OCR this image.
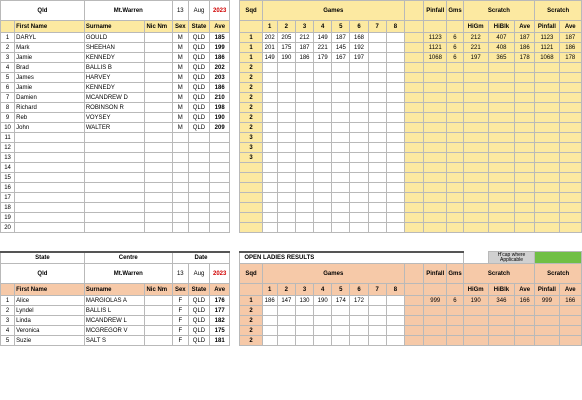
Qld		Mt.Warren		13	Aug	2023		Sqd	Games									Pinfall	Gms	Scratch			Scratch	
	First Name	Surname	Nic Nm	Sex	State	Ave			1	2	3	4	5	6	7	8				HiGm	HiBlk	Ave	Pinfall	Ave
1	DARYL	GOULD		M	QLD	185		1	202	205	212	149	187	168				1123	6	212	407	187	1123	187
2	Mark	SHEEHAN		M	QLD	199		1	201	175	187	221	145	192				1121	6	221	408	186	1121	186
3	Jamie	KENNEDY		M	QLD	186		1	149	190	186	179	167	197				1068	6	197	365	178	1068	178
4	Brad	BALLIS B		M	QLD	202		2																
5	James	HARVEY		M	QLD	203		2																
6	Jamie	KENNEDY		M	QLD	186		2																
7	Damien	MCANDREW D		M	QLD	210		2																
8	Richard	ROBINSON R		M	QLD	198		2																
9	Reb	VOYSEY		M	QLD	190		2																
10	John	WALTER		M	QLD	209		2																
11								3																
12								3																
13								3																
14																								
15																								
16																								
17																								
18																								
19																								
20																								

State		Centre		Date				OPEN LADIES RESULTS													H'cap where Applicable			
Qld		Mt.Warren		13	Aug	2023		Sqd	Games									Pinfall	Gms	Scratch			Scratch	
	First Name	Surname	Nic Nm	Sex	State	Ave			1	2	3	4	5	6	7	8				HiGm	HiBlk	Ave	Pinfall	Ave
1	Alice	MARGIOLAS A		F	QLD	176		1	186	147	130	190	174	172				999	6	190	346	166	999	166
2	Lyndel	BALLIS L		F	QLD	177		2																
3	Linda	MCANDREW L		F	QLD	182		2																
4	Veronica	MCGREGOR V		F	QLD	175		2																
5	Suzie	SALT S		F	QLD	181		2																
